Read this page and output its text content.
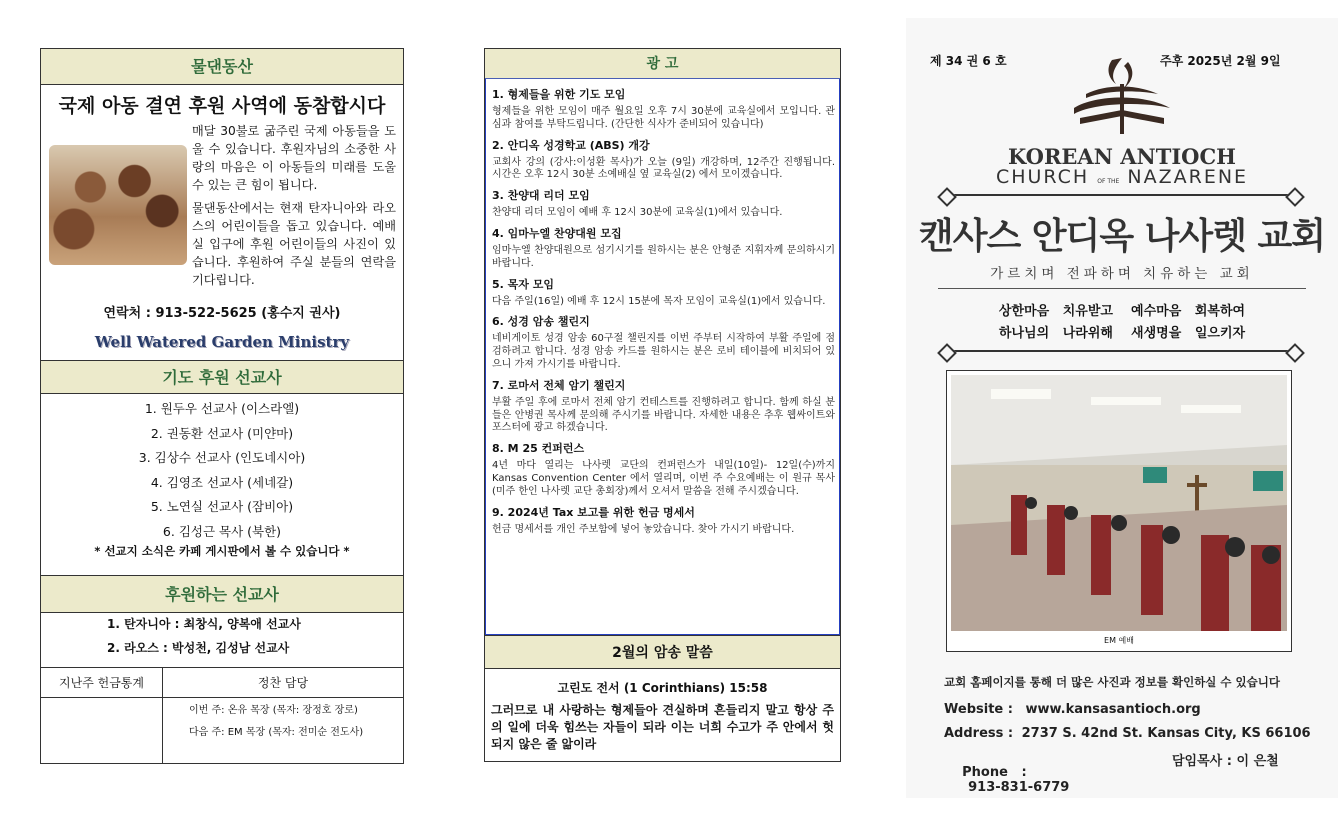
물댄동산
국제 아동 결연 후원 사역에 동참합시다
매달 30불로 굶주린 국제 아동들을 도울 수 있습니다. 후원자님의 소중한 사랑의 마음은 이 아동들의 미래를 도울 수 있는 큰 힘이 됩니다.
물댄동산에서는 현재 탄자니아와 라오스의 어린이들을 돕고 있습니다. 예배실 입구에 후원 어린이들의 사진이 있습니다. 후원하여 주실 분들의 연락을 기다립니다.
연락처 : 913-522-5625 (홍수지 권사)
Well Watered Garden Ministry
기도 후원 선교사
1. 원두우 선교사 (이스라엘)
2. 권동환 선교사 (미얀마)
3. 김상수 선교사 (인도네시아)
4. 김영조 선교사 (세네갈)
5. 노연실 선교사 (잠비아)
6. 김성근 목사 (북한)
* 선교지 소식은 카페 게시판에서 볼 수 있습니다 *
후원하는 선교사
1. 탄자니아 : 최창식, 양복애 선교사
2. 라오스 : 박성천, 김성남 선교사
지난주 헌금통계	정찬 담당

	이번 주: 온유 목장 (목자: 장정호 장로)
다음 주: EM 목장 (목자: 전미순 전도사)
광 고
1. 형제들을 위한 기도 모임
형제들을 위한 모임이 매주 월요일 오후 7시 30분에 교육실에서 모입니다. 관심과 참여를 부탁드립니다. (간단한 식사가 준비되어 있습니다)
2. 안디옥 성경학교 (ABS) 개강
교회사 강의 (강사:이성환 목사)가 오늘 (9일) 개강하며, 12주간 진행됩니다. 시간은 오후 12시 30분 소예배실 옆 교육실(2) 에서 모이겠습니다.
3. 찬양대 리더 모임
찬양대 리더 모임이 예배 후 12시 30분에 교육실(1)에서 있습니다.
4. 임마누엘 찬양대원 모집
임마누엘 찬양대원으로 섬기시기를 원하시는 분은 안형준 지휘자께 문의하시기 바랍니다.
5. 목자 모임
다음 주일(16일) 예배 후 12시 15분에 목자 모임이 교육실(1)에서 있습니다.
6. 성경 암송 챌린지
네비게이토 성경 암송 60구절 챌린지를 이번 주부터 시작하여 부활 주일에 점검하려고 합니다. 성경 암송 카드를 원하시는 분은 로비 테이블에 비치되어 있으니 가져 가시기를 바랍니다.
7. 로마서 전체 암기 챌린지
부활 주일 후에 로마서 전체 암기 컨테스트를 진행하려고 합니다. 함께 하실 분들은 안병권 목사께 문의해 주시기를 바랍니다. 자세한 내용은 추후 웹싸이트와 포스터에 광고 하겠습니다.
8. M 25 컨퍼런스
4년 마다 열리는 나사렛 교단의 컨퍼런스가 내일(10일)- 12일(수)까지 Kansas Convention Center 에서 열리며, 이번 주 수요예배는 이 원규 목사(미주 한인 나사렛 교단 총회장)께서 오셔서 말씀을 전해 주시겠습니다.
9. 2024년 Tax 보고를 위한 헌금 명세서
헌금 명세서를 개인 주보함에 넣어 놓았습니다. 찾아 가시기 바랍니다.
2월의 암송 말씀
고린도 전서 (1 Corinthians) 15:58
그러므로 내 사랑하는 형제들아 견실하며 흔들리지 말고 항상 주의 일에 더욱 힘쓰는 자들이 되라 이는 너희 수고가 주 안에서 헛되지 않은 줄 앎이라
제 34 권 6 호	주후 2025년 2월 9일
KOREAN ANTIOCH
CHURCH OF THE NAZARENE
캔사스 안디옥 나사렛 교회
가르치며 전파하며 치유하는 교회
상한마음   치유받고    예수마음   회복하여
하나님의   나라위해    새생명을   일으키자
EM 예배
교회 홈페이지를 통해 더 많은 사진과 정보를 확인하실 수 있습니다
Website : www.kansasantioch.org
Address : 2737 S. 42nd St. Kansas City, KS 66106

Phone   :
913-831-6779

담임목사 : 이 은철
